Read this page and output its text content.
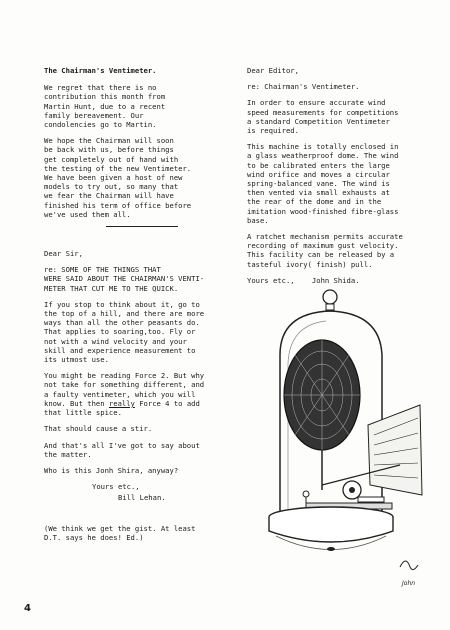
The Chairman's Ventimeter.
We regret that there is no
contribution this month from
Martin Hunt, due to a recent
family bereavement. Our
condolencies go to Martin.
We hope the Chairman will soon
be back with us, before things
get completely out of hand with
the testing of the new Ventimeter.
We have been given a host of new
models to try out, so many that
we fear the Chairman will have
finished his term of office before
we've used them all.
Dear Sir,
re: SOME OF THE THINGS THAT
WERE SAID ABOUT THE CHAIRMAN'S VENTI-
METER THAT CUT ME TO THE QUICK.
If you stop to think about it, go to
the top of a hill, and there are more
ways than all the other peasants do.
That applies to soaring,too. Fly or
not with a wind velocity and your
skill and experience measurement to
its utmost use.
You might be reading Force 2. But why
not take for something different, and
a faulty ventimeter, which you will
know. But then really Force 4 to add
that little spice.
That should cause a stir.
And that's all I've got to say about
the matter.
Who is this Jonh Shira, anyway?
Yours etc.,
Bill Lehan.
(We think we get the gist. At least
D.T. says he does! Ed.)
Dear Editor,
re: Chairman's Ventimeter.
In order to ensure accurate wind
speed measurements for competitions
a standard Competition Ventimeter
is required.
This machine is totally enclosed in
a glass weatherproof dome. The wind
to be calibrated enters the large
wind orifice and moves a circular
spring-balanced vane. The wind is
then vented via small exhausts at
the rear of the dome and in the
imitation wood-finished fibre-glass
base.
A ratchet mechanism permits accurate
recording of maximum gust velocity.
This facility can be released by a
tasteful ivory( finish) pull.
Yours etc., John Shida.
John
4
